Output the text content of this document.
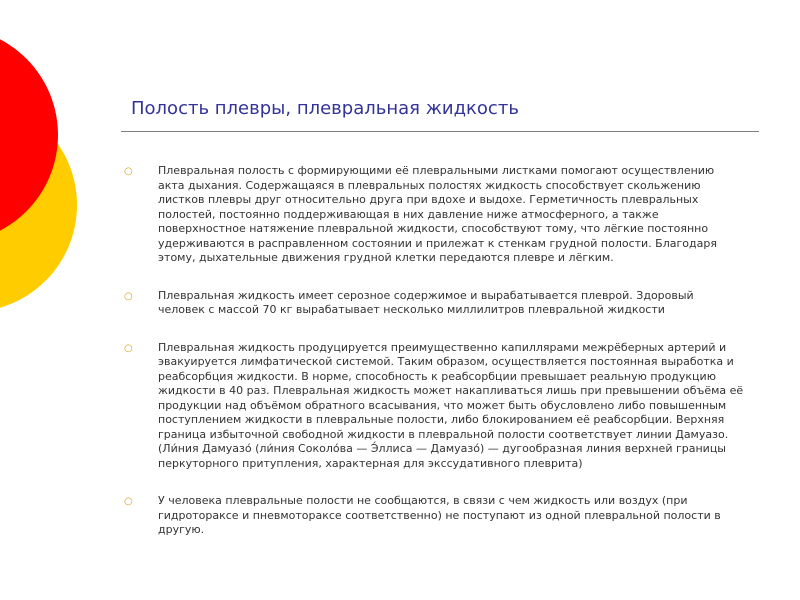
Полость плевры, плевральная жидкость
○	Плевральная полость с формирующими её плевральными листками помогают осуществлению акта дыхания. Содержащаяся в плевральных полостях жидкость способствует скольжению листков плевры друг относительно друга при вдохе и выдохе. Герметичность плевральных полостей, постоянно поддерживающая в них давление ниже атмосферного, а также поверхностное натяжение плевральной жидкости, способствуют тому, что лёгкие постоянно удерживаются в расправленном состоянии и прилежат к стенкам грудной полости. Благодаря этому, дыхательные движения грудной клетки передаются плевре и лёгким.
○	Плевральная жидкость имеет серозное содержимое и вырабатывается плеврой. Здоровый человек с массой 70 кг вырабатывает несколько миллилитров плевральной жидкости
○	Плевральная жидкость продуцируется преимущественно капиллярами межрёберных артерий и эвакуируется лимфатической системой. Таким образом, осуществляется постоянная выработка и реабсорбция жидкости. В норме, способность к реабсорбции превышает реальную продукцию жидкости в 40 раз. Плевральная жидкость может накапливаться лишь при превышении объёма её продукции над объёмом обратного всасывания, что может быть обусловлено либо повышенным поступлением жидкости в плевральные полости, либо блокированием её реабсорбции. Верхняя граница избыточной свободной жидкости в плевральной полости соответствует линии Дамуазо. (Ли́ния Дамуазо́ (ли́ния Соколо́ва — Э́ллиса — Дамуазо́) — дугообразная линия верхней границы перкуторного притупления, характерная для экссудативного плеврита)
○	У человека плевральные полости не сообщаются, в связи с чем жидкость или воздух (при гидротораксе и пневмотораксе соответственно) не поступают из одной плевральной полости в другую.
